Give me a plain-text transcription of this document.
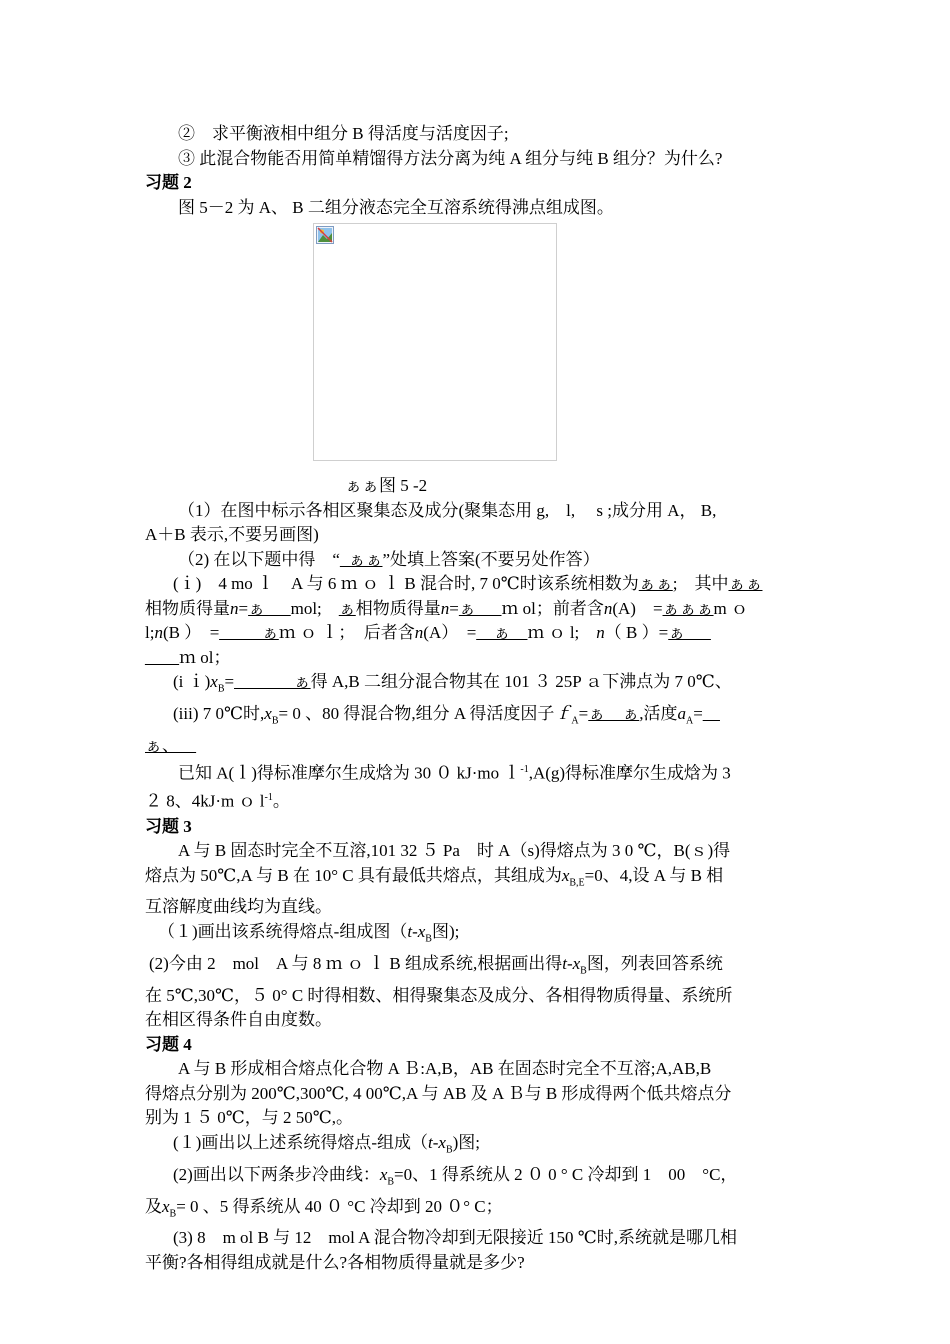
②　求平衡液相中组分 B 得活度与活度因子;
③ 此混合物能否用简单精馏得方法分离为纯 A 组分与纯 B 组分？为什么?
习题 2
图 5－2 为 A、 B 二组分液态完全互溶系统得沸点组成图。
ぁぁ图 5 -2
（1）在图中标示各相区聚集态及成分(聚集态用 g,　l,　 s ;成分用 A， B,
A＋B 表示,不要另画图)
（2) 在以下题中得　“_ぁぁ”处填上答案(不要另处作答）
(ｉ)　4 mo ｌ　A 与 6 ｍ ｏ ｌ B 混合时, 7 0℃时该系统相数为ぁぁ;　其中ぁぁ
相物质得量n=ぁ___mol;　ぁ相物质得量n=ぁ___ｍ ol；前者含n(A)　=ぁぁぁm ｏ
l;n(B ）　=_____ぁｍ ｏ ｌ；　后者含n(A）　=__ぁ__ｍ ｏ l;　n（ B ）=ぁ___
____ｍ ol；
(i $i)x_B=\_\_\_\_\_\_\_$ぁ得 A,B 二组分混合物其在 101 ３ 25P ａ下沸点为 7 0℃、
(iii) 7 0℃时$,x_B= 0$ 、80 得混合物,组分 A 得活度因子ｆ$_A$=ぁ　ぁ,活度$a_A=\_\_$
ぁ、__
已知 A(ｌ)得标准摩尔生成焓为 30 ０ kJ·mo ｌ$^{-1}$,A(g)得标准摩尔生成焓为 3
２ 8、4kJ·m ｏ $l^{-1}$。
习题 3
A 与 B 固态时完全不互溶,101 32 ５ Pa　时 A（s)得熔点为 3 0 ℃，B(ｓ)得
熔点为 50℃,A 与 B 在 10° C 具有最低共熔点，其组成为$x_{B,E}=0$、4,设 A 与 B 相
互溶解度曲线均为直线。
（１)画出该系统得熔点-组成图（$t-x_B$图);
(2)今由 2　mol　A 与 8 ｍ ｏ ｌ B 组成系统,根据画出得$t-x_B$图，列表回答系统
在 5℃,30℃，５ 0° C 时得相数、相得聚集态及成分、各相得物质得量、系统所
在相区得条件自由度数。
习题 4
A 与 B 形成相合熔点化合物 A Ｂ:A,B，AB 在固态时完全不互溶;A,AB,B
得熔点分别为 200℃,300℃, 4 00℃,A 与 AB 及 A Ｂ与 B 形成得两个低共熔点分
别为 1 ５ 0℃，与 2 50℃,。
(１)画出以上述系统得熔点-组成$(t-x_B)$图;
(2)画出以下两条步冷曲线：$x_B=0$、1 得系统从 2 ０ 0 ° C 冷却到 1　00　°C，
及$x_B= 0$ 、5 得系统从 40 ０ °C 冷却到 20 ０° C；
(3) 8　m ol B 与 12　mol A 混合物冷却到无限接近 150 ℃时,系统就是哪几相
平衡?各相得组成就是什么?各相物质得量就是多少?
